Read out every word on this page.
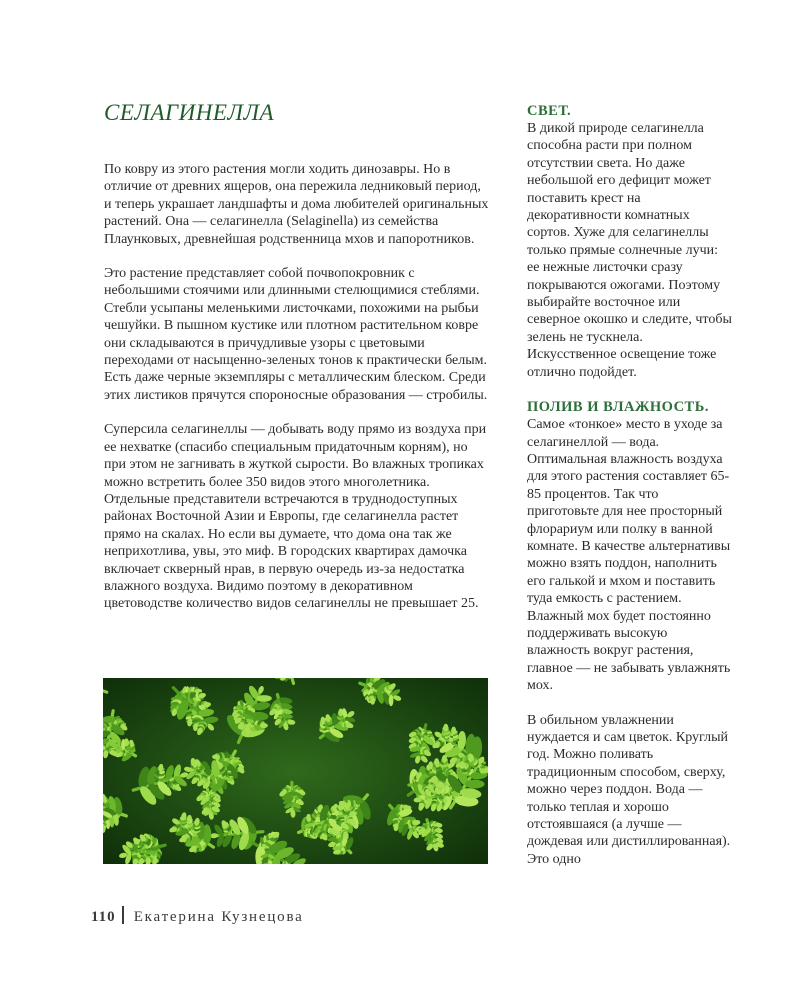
СЕЛАГИНЕЛЛА

По ковру из этого растения могли ходить динозавры. Но в отличие от древних ящеров, она пережила ледниковый период, и теперь украшает ландшафты и дома любителей оригинальных растений. Она — селагинелла (Selaginella) из семейства Плаунковых, древнейшая родственница мхов и папоротников.

Это растение представляет собой почвопокровник с небольшими стоячими или длинными стелющимися стеблями. Стебли усыпаны меленькими листочками, похожими на рыбьи чешуйки. В пышном кустике или плотном растительном ковре они складываются в причудливые узоры с цветовыми переходами от насыщенно-зеленых тонов к практически белым. Есть даже черные экземпляры с металлическим блеском. Среди этих листиков прячутся спороносные образования — стробилы.

Суперсила селагинеллы — добывать воду прямо из воздуха при ее нехватке (спасибо специальным придаточным корням), но при этом не загнивать в жуткой сырости. Во влажных тропиках можно встретить более 350 видов этого многолетника. Отдельные представители встречаются в труднодоступных районах Восточной Азии и Европы, где селагинелла растет прямо на скалах. Но если вы думаете, что дома она так же неприхотлива, увы, это миф. В городских квартирах дамочка включает скверный нрав, в первую очередь из-за недостатка влажного воздуха. Видимо поэтому в декоративном цветоводстве количество видов селагинеллы не превышает 25.

СВЕТ.

В дикой природе селагинелла способна расти при полном отсутствии света. Но даже небольшой его дефицит может поставить крест на декоративности комнатных сортов. Хуже для селагинеллы только прямые солнечные лучи: ее нежные листочки сразу покрываются ожогами. Поэтому выбирайте восточное или северное окошко и следите, чтобы зелень не тускнела. Искусственное освещение тоже отлично подойдет.

ПОЛИВ И ВЛАЖНОСТЬ.

Самое «тонкое» место в уходе за селагинеллой — вода. Оптимальная влажность воздуха для этого растения составляет 65-85 процентов. Так что приготовьте для нее просторный флорариум или полку в ванной комнате. В качестве альтернативы можно взять поддон, наполнить его галькой и мхом и поставить туда емкость с растением. Влажный мох будет постоянно поддерживать высокую влажность вокруг растения, главное — не забывать увлажнять мох.

В обильном увлажнении нуждается и сам цветок. Круглый год. Можно поливать традиционным способом, сверху, можно через поддон. Вода — только теплая и хорошо отстоявшаяся (а лучше — дождевая или дистиллированная). Это одно

110 Екатерина Кузнецова
